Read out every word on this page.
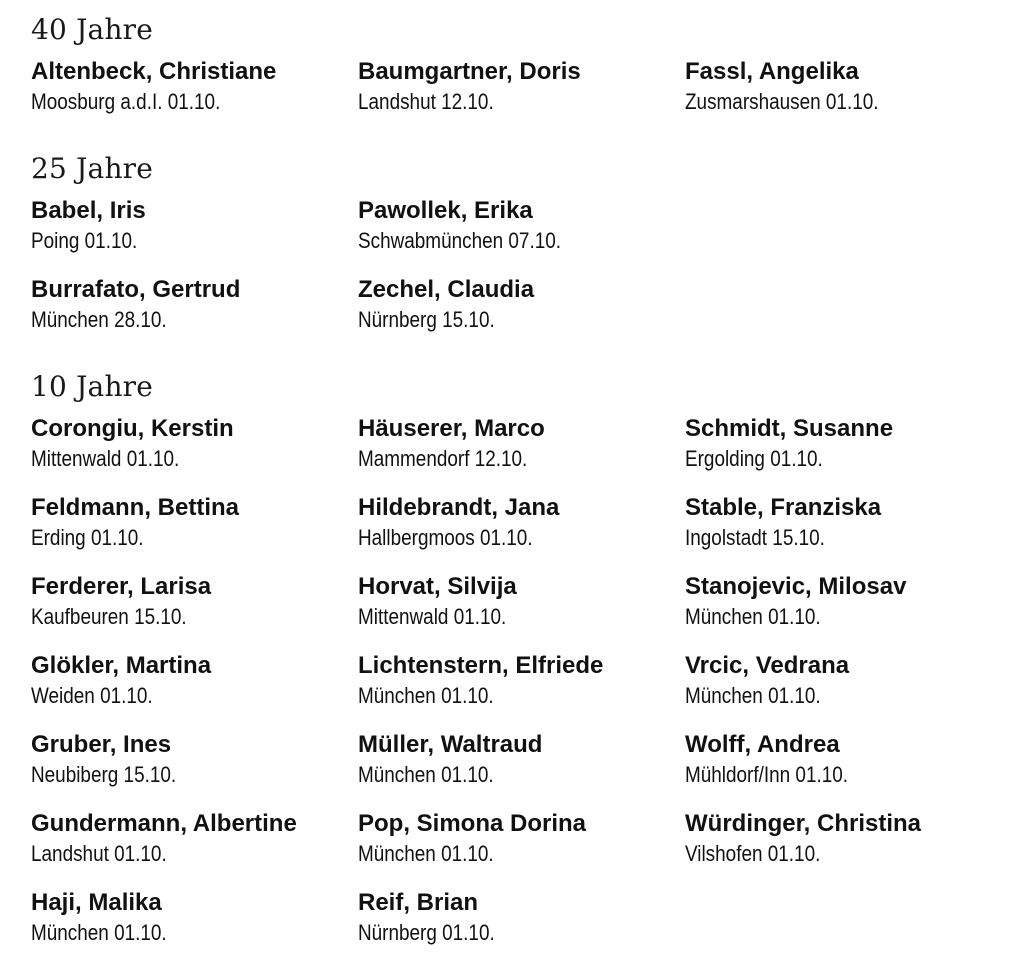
40 Jahre
Altenbeck, Christiane
Moosburg a.d.I. 01.10.
Baumgartner, Doris
Landshut 12.10.
Fassl, Angelika
Zusmarshausen 01.10.
25 Jahre
Babel, Iris
Poing 01.10.
Pawollek, Erika
Schwabmünchen 07.10.
Burrafato, Gertrud
München 28.10.
Zechel, Claudia
Nürnberg 15.10.
10 Jahre
Corongiu, Kerstin
Mittenwald 01.10.
Häuserer, Marco
Mammendorf 12.10.
Schmidt, Susanne
Ergolding 01.10.
Feldmann, Bettina
Erding 01.10.
Hildebrandt, Jana
Hallbergmoos 01.10.
Stable, Franziska
Ingolstadt 15.10.
Ferderer, Larisa
Kaufbeuren 15.10.
Horvat, Silvija
Mittenwald 01.10.
Stanojevic, Milosav
München 01.10.
Glökler, Martina
Weiden 01.10.
Lichtenstern, Elfriede
München 01.10.
Vrcic, Vedrana
München 01.10.
Gruber, Ines
Neubiberg 15.10.
Müller, Waltraud
München 01.10.
Wolff, Andrea
Mühldorf/Inn 01.10.
Gundermann, Albertine
Landshut 01.10.
Pop, Simona Dorina
München 01.10.
Würdinger, Christina
Vilshofen 01.10.
Haji, Malika
München 01.10.
Reif, Brian
Nürnberg 01.10.
